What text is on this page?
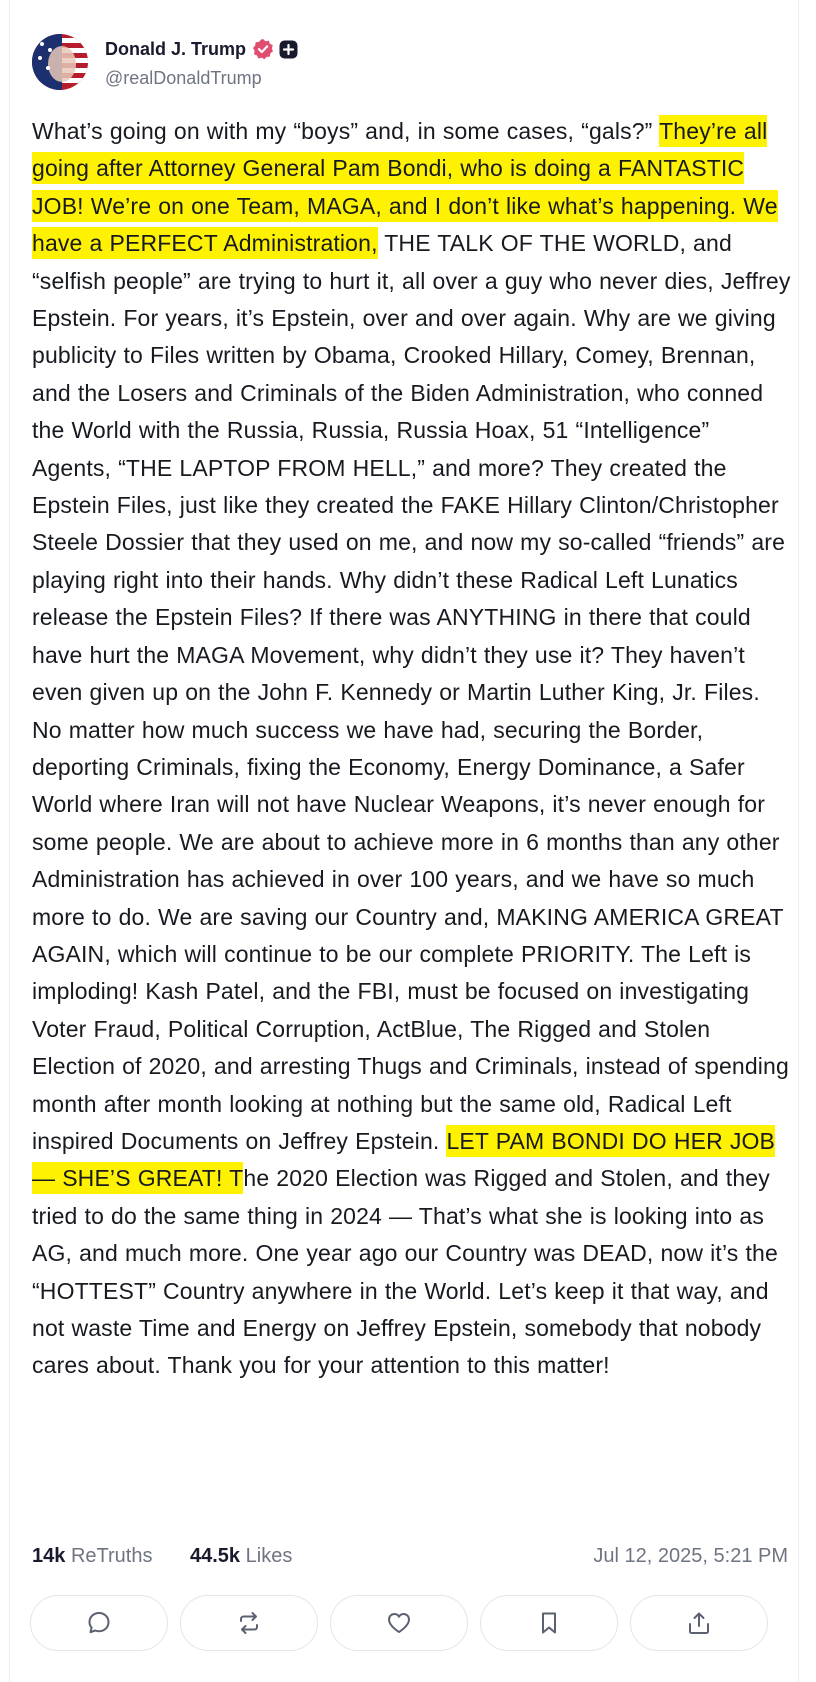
Donald J. Trump
@realDonaldTrump
What’s going on with my “boys” and, in some cases, “gals?” They’re all going after Attorney General Pam Bondi, who is doing a FANTASTIC JOB! We’re on one Team, MAGA, and I don’t like what’s happening. We have a PERFECT Administration, THE TALK OF THE WORLD, and “selfish people” are trying to hurt it, all over a guy who never dies, Jeffrey Epstein. For years, it’s Epstein, over and over again. Why are we giving publicity to Files written by Obama, Crooked Hillary, Comey, Brennan, and the Losers and Criminals of the Biden Administration, who conned the World with the Russia, Russia, Russia Hoax, 51 “Intelligence” Agents, “THE LAPTOP FROM HELL,” and more? They created the Epstein Files, just like they created the FAKE Hillary Clinton/Christopher Steele Dossier that they used on me, and now my so-called “friends” are playing right into their hands. Why didn’t these Radical Left Lunatics release the Epstein Files? If there was ANYTHING in there that could have hurt the MAGA Movement, why didn’t they use it? They haven’t even given up on the John F. Kennedy or Martin Luther King, Jr. Files. No matter how much success we have had, securing the Border, deporting Criminals, fixing the Economy, Energy Dominance, a Safer World where Iran will not have Nuclear Weapons, it’s never enough for some people. We are about to achieve more in 6 months than any other Administration has achieved in over 100 years, and we have so much more to do. We are saving our Country and, MAKING AMERICA GREAT AGAIN, which will continue to be our complete PRIORITY. The Left is imploding! Kash Patel, and the FBI, must be focused on investigating Voter Fraud, Political Corruption, ActBlue, The Rigged and Stolen Election of 2020, and arresting Thugs and Criminals, instead of spending month after month looking at nothing but the same old, Radical Left inspired Documents on Jeffrey Epstein. LET PAM BONDI DO HER JOB — SHE’S GREAT! The 2020 Election was Rigged and Stolen, and they tried to do the same thing in 2024 — That’s what she is looking into as AG, and much more. One year ago our Country was DEAD, now it’s the “HOTTEST” Country anywhere in the World. Let’s keep it that way, and not waste Time and Energy on Jeffrey Epstein, somebody that nobody cares about. Thank you for your attention to this matter!
14k ReTruths 44.5k Likes	Jul 12, 2025, 5:21 PM
